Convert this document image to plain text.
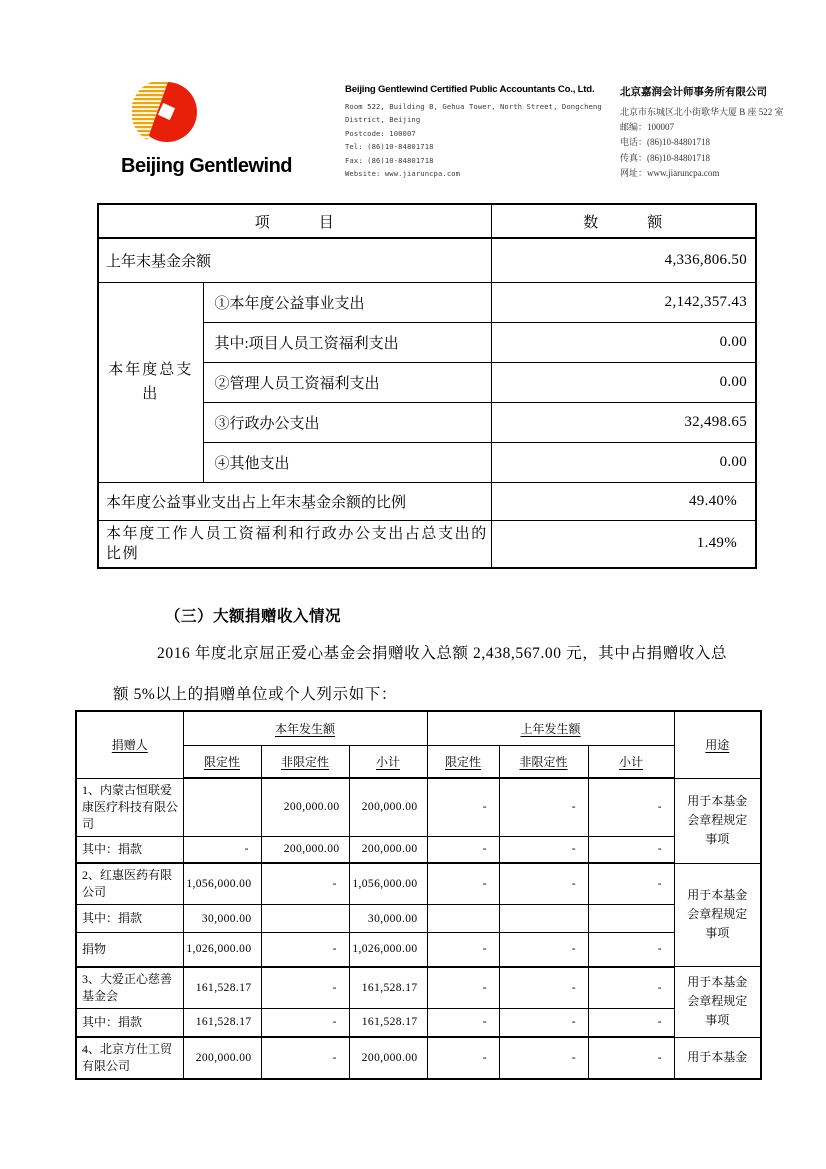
Beijing Gentlewind
Beijing Gentlewind Certified Public Accountants Co., Ltd.
Room 522, Building B, Gehua Tower, North Street, Dongcheng
District, Beijing
Postcode: 100007
Tel: (86)10-84801718
Fax: (86)10-84801718
Website: www.jiaruncpa.com
北京嘉润会计师事务所有限公司
北京市东城区北小街歌华大厦 B 座 522 室
邮编：100007
电话：(86)10-84801718
传真：(86)10-84801718
网址：www.jiaruncpa.com
项　　　目		数　　　额
上年末基金余额		4,336,806.50
本年度总支出	①本年度公益事业支出	2,142,357.43
	其中:项目人员工资福利支出	0.00
	②管理人员工资福利支出	0.00
	③行政办公支出	32,498.65
	④其他支出	0.00
本年度公益事业支出占上年末基金余额的比例		49.40%
本年度工作人员工资福利和行政办公支出占总支出的比例		1.49%
（三）大额捐赠收入情况

2016 年度北京屈正爱心基金会捐赠收入总额 2,438,567.00 元，其中占捐赠收入总额 5%以上的捐赠单位或个人列示如下：

捐赠人	本年发生额			上年发生额			用途
	限定性	非限定性	小计	限定性	非限定性	小计	
1、内蒙古恒联爱康医疗科技有限公司		200,000.00	200,000.00	-	-	-	用于本基金会章程规定事项
其中：捐款	-	200,000.00	200,000.00	-	-	-	
2、红惠医药有限公司	1,056,000.00	-	1,056,000.00	-	-	-	用于本基金会章程规定事项
其中：捐款	30,000.00		30,000.00				
捐物	1,026,000.00	-	1,026,000.00	-	-	-	
3、大爱正心慈善基金会	161,528.17	-	161,528.17	-	-	-	用于本基金会章程规定事项
其中：捐款	161,528.17	-	161,528.17	-	-	-	
4、北京方仕工贸有限公司	200,000.00	-	200,000.00	-	-	-	用于本基金
